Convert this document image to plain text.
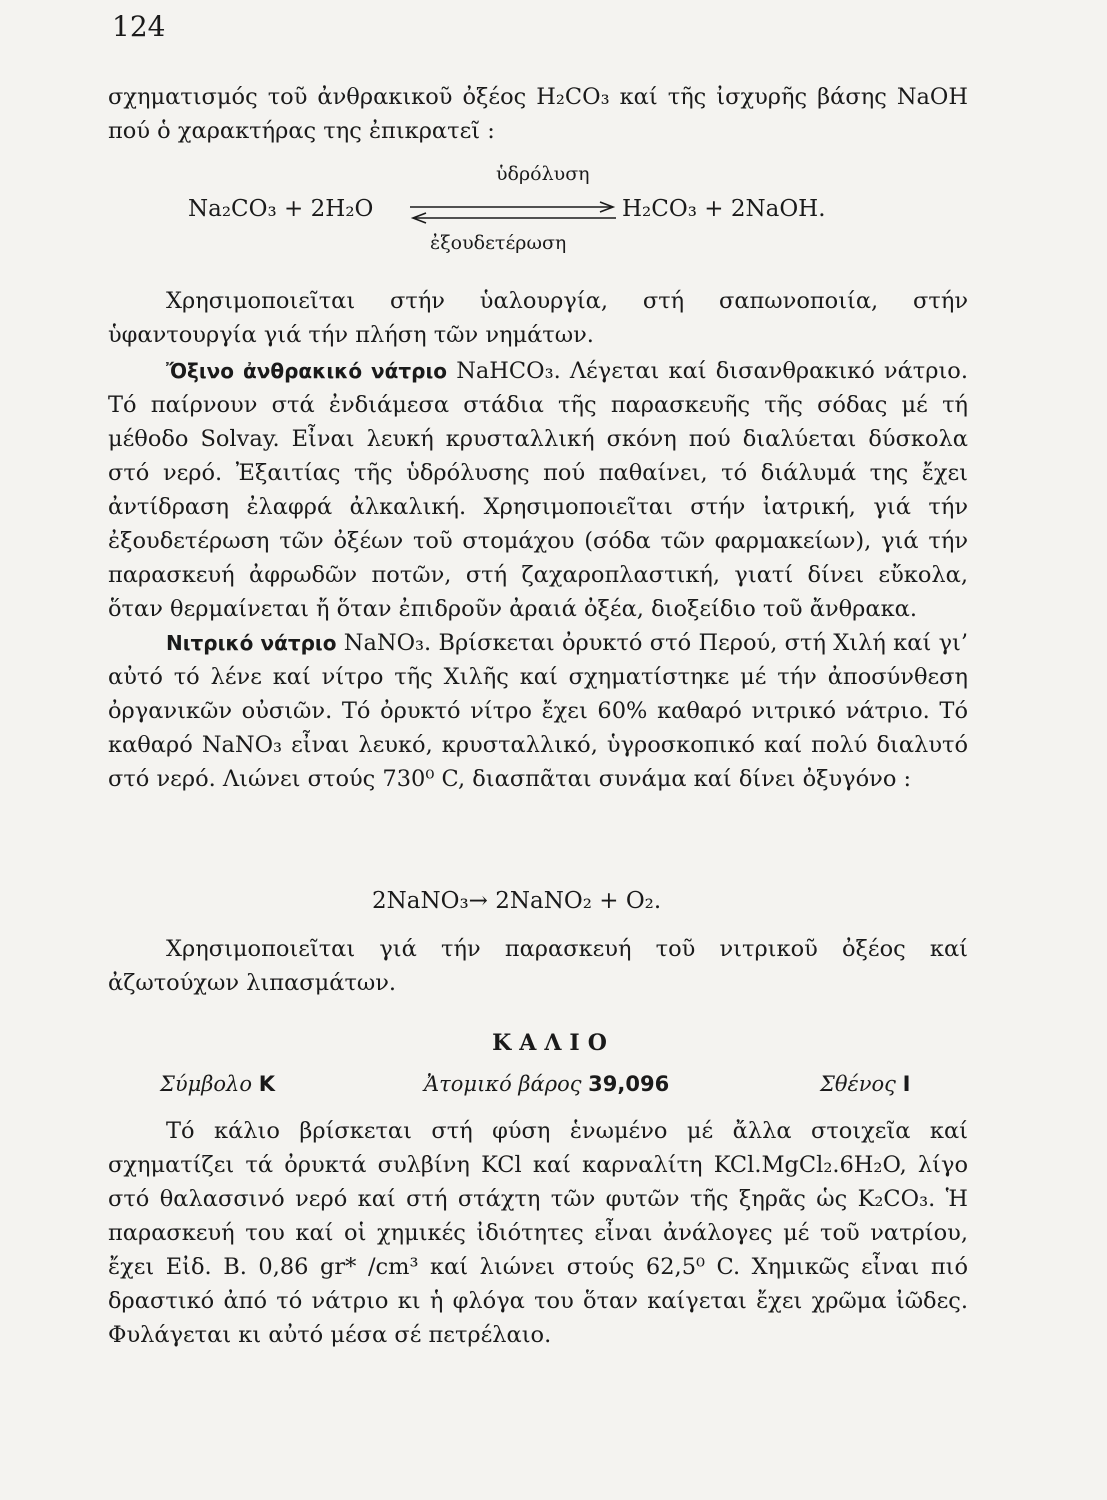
124

σχηματισμός τοῦ ἀνθρακικοῦ ὀξέος H₂CO₃ καί τῆς ἰσχυρῆς βάσης NaOH πού ὁ χαρακτήρας της ἐπικρατεῖ :

ὑδρόλυση
Na₂CO₃ + 2H₂O	H₂CO₃ + 2NaOH.
ἐξουδετέρωση

Χρησιμοποιεῖται στήν ὑαλουργία, στή σαπωνοποιία, στήν ὑφαντουργία γιά τήν πλήση τῶν νημάτων.

Ὄξινο ἀνθρακικό νάτριο NaHCO₃. Λέγεται καί δισανθρακικό νάτριο. Τό παίρνουν στά ἐνδιάμεσα στάδια τῆς παρασκευῆς τῆς σόδας μέ τή μέθοδο Solvay. Εἶναι λευκή κρυσταλλική σκόνη πού διαλύεται δύσκολα στό νερό. Ἐξαιτίας τῆς ὑδρόλυσης πού παθαίνει, τό διάλυμά της ἔχει ἀντίδραση ἐλαφρά ἀλκαλική. Χρησιμοποιεῖται στήν ἰατρική, γιά τήν ἐξουδετέρωση τῶν ὀξέων τοῦ στομάχου (σόδα τῶν φαρμακείων), γιά τήν παρασκευή ἀφρωδῶν ποτῶν, στή ζαχαροπλαστική, γιατί δίνει εὔκολα, ὅταν θερμαίνεται ἤ ὅταν ἐπιδροῦν ἀραιά ὀξέα, διοξείδιο τοῦ ἄνθρακα.

Νιτρικό νάτριο NaNO₃. Βρίσκεται ὀρυκτό στό Περού, στή Χιλή καί γι’ αὐτό τό λένε καί νίτρο τῆς Χιλῆς καί σχηματίστηκε μέ τήν ἀποσύνθεση ὀργανικῶν οὐσιῶν. Τό ὀρυκτό νίτρο ἔχει 60% καθαρό νιτρικό νάτριο. Τό καθαρό NaNO₃ εἶναι λευκό, κρυσταλλικό, ὑγροσκοπικό καί πολύ διαλυτό στό νερό. Λιώνει στούς 730⁰ C, διασπᾶται συνάμα καί δίνει ὀξυγόνο :

2NaNO₃→ 2NaNO₂ + O₂.

Χρησιμοποιεῖται γιά τήν παρασκευή τοῦ νιτρικοῦ ὀξέος καί ἀζωτούχων λιπασμάτων.

ΚΑΛΙΟ
Σύμβολο K	Ἀτομικό βάρος 39,096	Σθένος I

Τό κάλιο βρίσκεται στή φύση ἑνωμένο μέ ἄλλα στοιχεῖα καί σχηματίζει τά ὀρυκτά συλβίνη KCl καί καρναλίτη KCl.MgCl₂.6H₂O, λίγο στό θαλασσινό νερό καί στή στάχτη τῶν φυτῶν τῆς ξηρᾶς ὡς K₂CO₃. Ἡ παρασκευή του καί οἱ χημικές ἰδιότητες εἶναι ἀνάλογες μέ τοῦ νατρίου, ἔχει Εἰδ. Β. 0,86 gr* /cm³ καί λιώνει στούς 62,5⁰ C. Χημικῶς εἶναι πιό δραστικό ἀπό τό νάτριο κι ἡ φλόγα του ὅταν καίγεται ἔχει χρῶμα ἰῶδες. Φυλάγεται κι αὐτό μέσα σέ πετρέλαιο.
